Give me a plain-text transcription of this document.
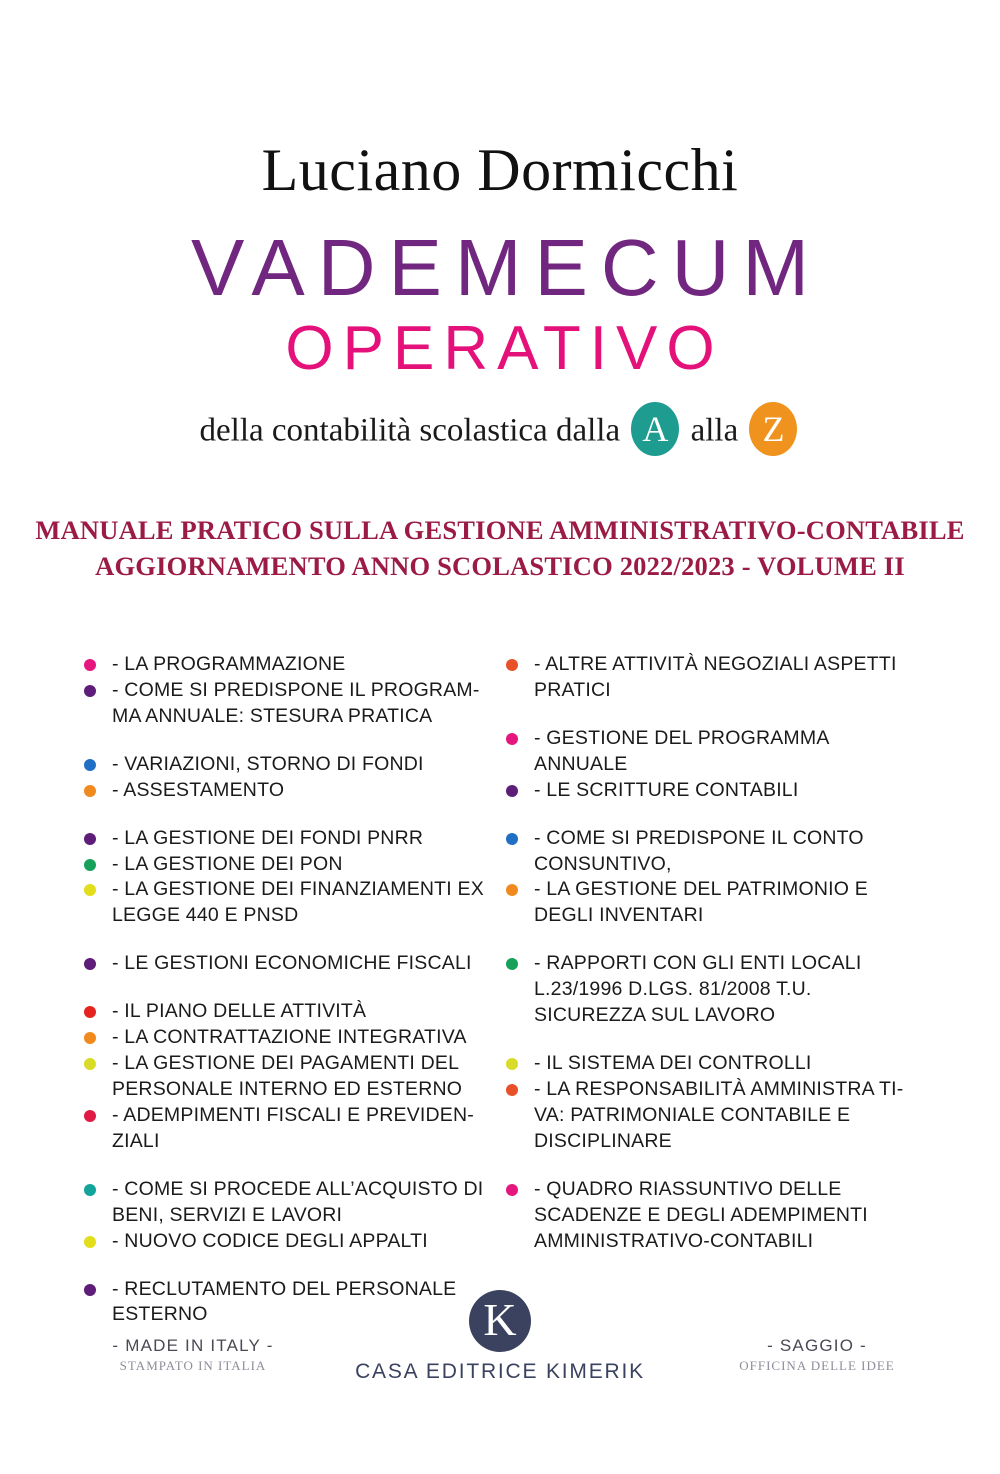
Luciano Dormicchi
VADEMECUM
OPERATIVO
della contabilità scolastica dalla A alla Z
MANUALE PRATICO SULLA GESTIONE AMMINISTRATIVO-CONTABILE
AGGIORNAMENTO ANNO SCOLASTICO 2022/2023 - VOLUME II
- LA PROGRAMMAZIONE
- COME SI PREDISPONE IL PROGRAM-MA ANNUALE: STESURA PRATICA
- VARIAZIONI, STORNO DI FONDI
- ASSESTAMENTO
- LA GESTIONE DEI FONDI PNRR
- LA GESTIONE DEI PON
- LA GESTIONE DEI FINANZIAMENTI EX LEGGE 440 E PNSD
- LE GESTIONI ECONOMICHE FISCALI
- IL PIANO DELLE ATTIVITÀ
- LA CONTRATTAZIONE INTEGRATIVA
- LA GESTIONE DEI PAGAMENTI DEL PERSONALE INTERNO ED ESTERNO
- ADEMPIMENTI FISCALI E PREVIDEN-ZIALI
- COME SI PROCEDE ALL’ACQUISTO DI BENI, SERVIZI E LAVORI
- NUOVO CODICE DEGLI APPALTI
- RECLUTAMENTO DEL PERSONALE ESTERNO
- ALTRE ATTIVITÀ NEGOZIALI ASPETTI PRATICI
- GESTIONE DEL PROGRAMMA ANNUALE
- LE SCRITTURE CONTABILI
- COME SI PREDISPONE IL CONTO CONSUNTIVO,
- LA GESTIONE DEL PATRIMONIO E DEGLI INVENTARI
- RAPPORTI CON GLI ENTI LOCALI L.23/1996 D.LGS. 81/2008 T.U. SICUREZZA SUL LAVORO
- IL SISTEMA DEI CONTROLLI
- LA RESPONSABILITÀ AMMINISTRA TI-VA: PATRIMONIALE CONTABILE E DISCIPLINARE
- QUADRO RIASSUNTIVO DELLE SCADENZE E DEGLI ADEMPIMENTI AMMINISTRATIVO-CONTABILI
K
CASA EDITRICE KIMERIK
- MADE IN ITALY -
STAMPATO IN ITALIA
- SAGGIO -
OFFICINA DELLE IDEE
